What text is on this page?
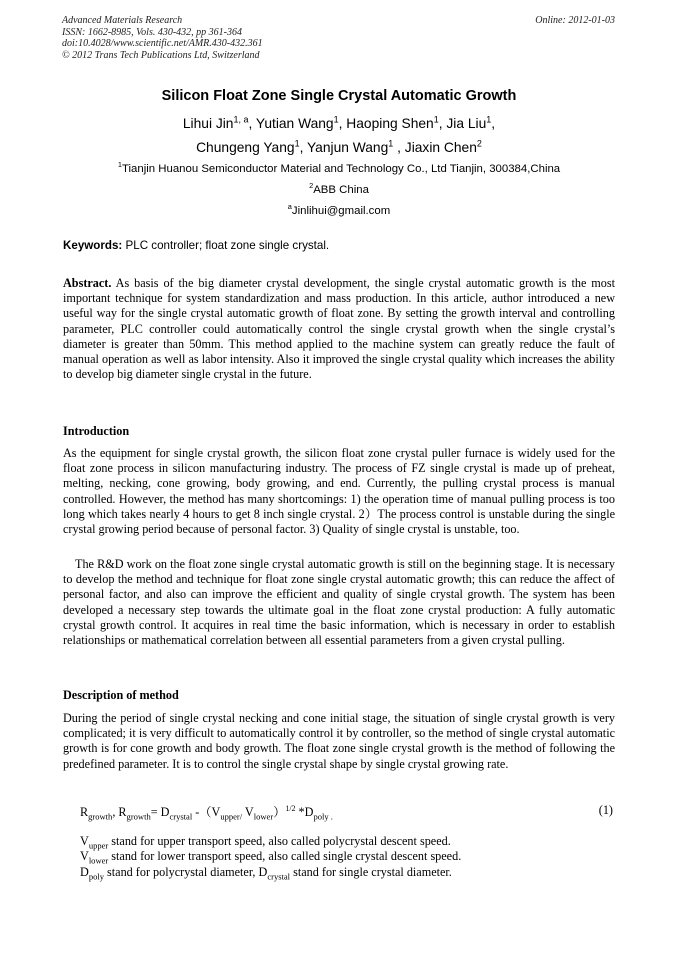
Advanced Materials Research
ISSN: 1662-8985, Vols. 430-432, pp 361-364
doi:10.4028/www.scientific.net/AMR.430-432.361
© 2012 Trans Tech Publications Ltd, Switzerland
Online: 2012-01-03
Silicon Float Zone Single Crystal Automatic Growth
Lihui Jin$^{1, a}$, Yutian Wang$^1$, Haoping Shen$^1$, Jia Liu$^1$,
Chungeng Yang$^1$, Yanjun Wang$^1$ , Jiaxin Chen$^2$
$^1$Tianjin Huanou Semiconductor Material and Technology Co., Ltd Tianjin, 300384,China
$^2$ABB China
$^a$Jinlihui@gmail.com
Keywords: PLC controller; float zone single crystal.
Abstract. As basis of the big diameter crystal development, the single crystal automatic growth is the most important technique for system standardization and mass production. In this article, author introduced a new useful way for the single crystal automatic growth of float zone. By setting the growth interval and controlling parameter, PLC controller could automatically control the single crystal growth when the single crystal’s diameter is greater than 50mm. This method applied to the machine system can greatly reduce the fault of manual operation as well as labor intensity. Also it improved the single crystal quality which increases the ability to develop big diameter single crystal in the future.
Introduction
As the equipment for single crystal growth, the silicon float zone crystal puller furnace is widely used for the float zone process in silicon manufacturing industry. The process of FZ single crystal is made up of preheat, melting, necking, cone growing, body growing, and end. Currently, the pulling crystal process is manual controlled. However, the method has many shortcomings: 1) the operation time of manual pulling process is too long which takes nearly 4 hours to get 8 inch single crystal. 2）The process control is unstable during the single crystal growing period because of personal factor. 3) Quality of single crystal is unstable, too.
The R&D work on the float zone single crystal automatic growth is still on the beginning stage. It is necessary to develop the method and technique for float zone single crystal automatic growth; this can reduce the affect of personal factor, and also can improve the efficient and quality of single crystal growth. The system has been developed a necessary step towards the ultimate goal in the float zone crystal production: A fully automatic crystal growth control. It acquires in real time the basic information, which is necessary in order to establish relationships or mathematical correlation between all essential parameters from a given crystal pulling.
Description of method
During the period of single crystal necking and cone initial stage, the situation of single crystal growth is very complicated; it is very difficult to automatically control it by controller, so the method of single crystal automatic growth is for cone growth and body growth. The float zone single crystal growth is the method of following the predefined parameter. It is to control the single crystal shape by single crystal growing rate.
$R_{growth}$, $R_{growth}= D_{crystal}$ $-(V_{upper/}$ $V_{lower})^{1/2}$ $*D_{poly .}$	(1)
$V_{upper}$ stand for upper transport speed, also called polycrystal descent speed.
$V_{lower}$ stand for lower transport speed, also called single crystal descent speed.
$D_{poly}$ stand for polycrystal diameter, $D_{crystal}$ stand for single crystal diameter.
